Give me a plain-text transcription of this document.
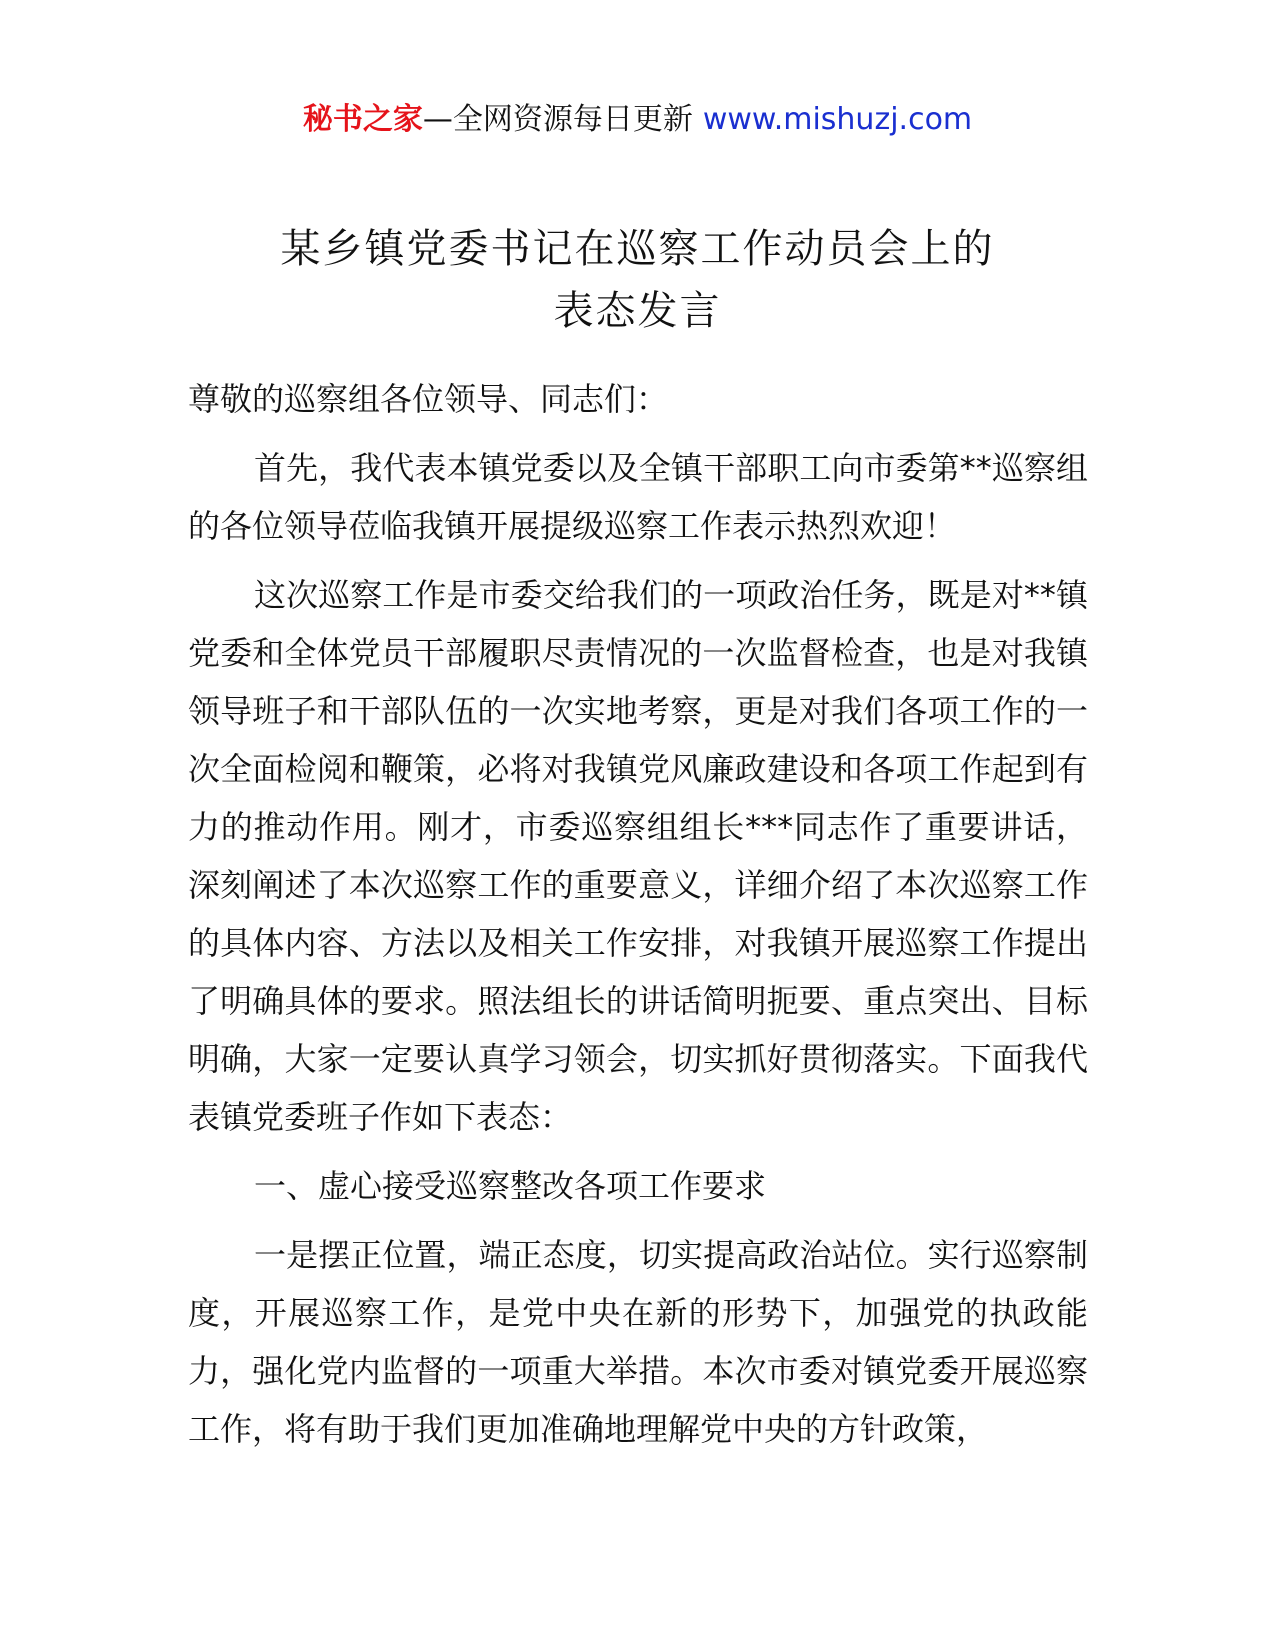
秘书之家—全网资源每日更新 www.mishuzj.com
某乡镇党委书记在巡察工作动员会上的
表态发言

尊敬的巡察组各位领导、同志们：

首先，我代表本镇党委以及全镇干部职工向市委第**巡察组的各位领导莅临我镇开展提级巡察工作表示热烈欢迎！

这次巡察工作是市委交给我们的一项政治任务，既是对**镇党委和全体党员干部履职尽责情况的一次监督检查，也是对我镇领导班子和干部队伍的一次实地考察，更是对我们各项工作的一次全面检阅和鞭策，必将对我镇党风廉政建设和各项工作起到有力的推动作用。刚才，市委巡察组组长***同志作了重要讲话，深刻阐述了本次巡察工作的重要意义，详细介绍了本次巡察工作的具体内容、方法以及相关工作安排，对我镇开展巡察工作提出了明确具体的要求。照法组长的讲话简明扼要、重点突出、目标明确，大家一定要认真学习领会，切实抓好贯彻落实。下面我代表镇党委班子作如下表态：

一、虚心接受巡察整改各项工作要求

一是摆正位置，端正态度，切实提高政治站位。实行巡察制度，开展巡察工作，是党中央在新的形势下，加强党的执政能力，强化党内监督的一项重大举措。本次市委对镇党委开展巡察工作，将有助于我们更加准确地理解党中央的方针政策，
